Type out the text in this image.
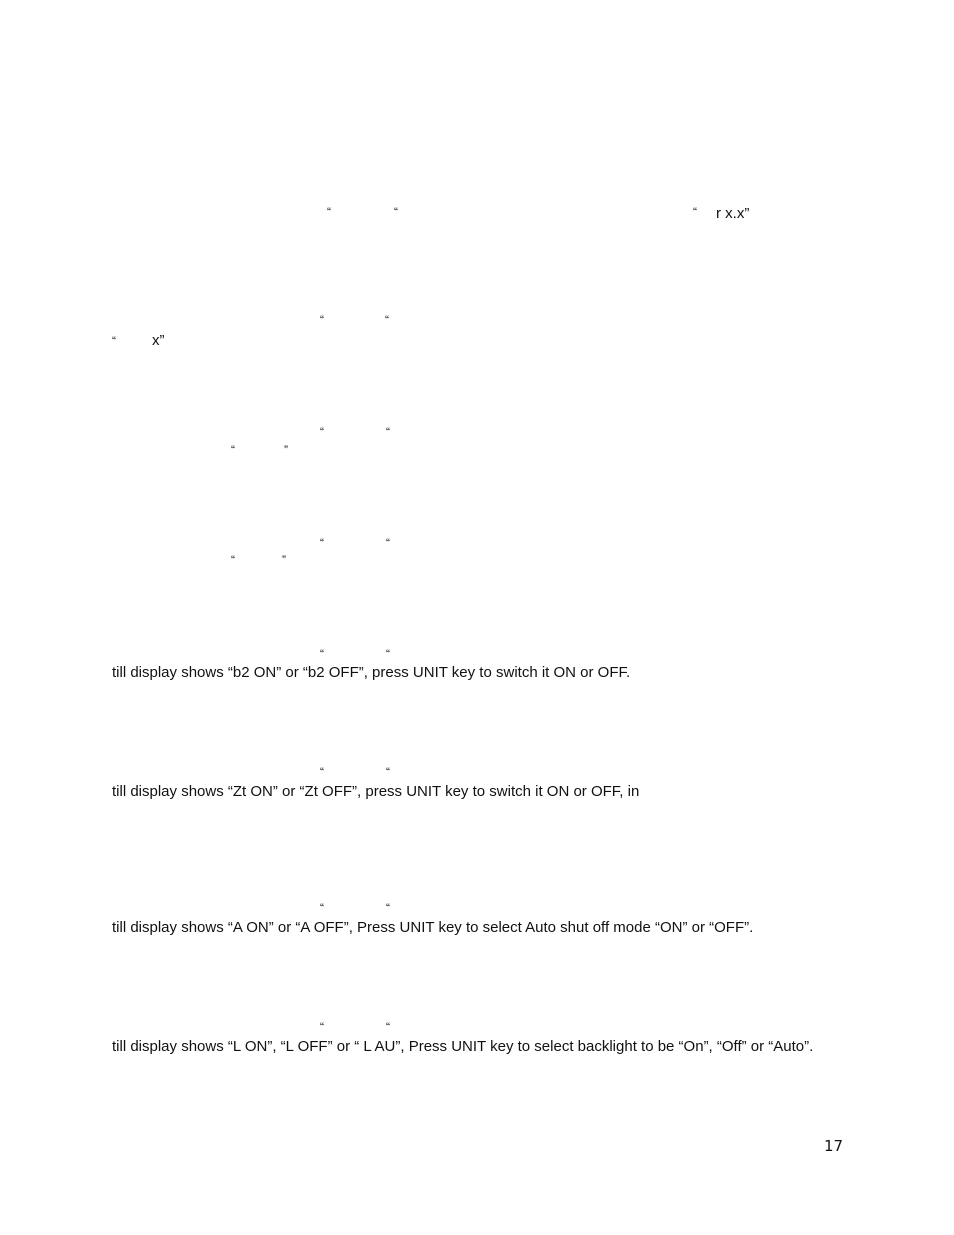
“	“	“ r x.x”
“	“
“ x”
“	“
“	”
“	“
“	”
“	“
till display shows “b2 ON” or “b2 OFF”, press UNIT key to switch it ON or OFF.
“	“
till display shows “Zt ON” or “Zt OFF”, press UNIT key to switch it ON or OFF, in
“	“
till display shows “A ON” or “A OFF”, Press UNIT key to select Auto shut off mode “ON” or “OFF”.
“	“
till display shows “L ON”, “L OFF” or “ L AU”, Press UNIT key to select backlight to be “On”, “Off” or “Auto”.
17
